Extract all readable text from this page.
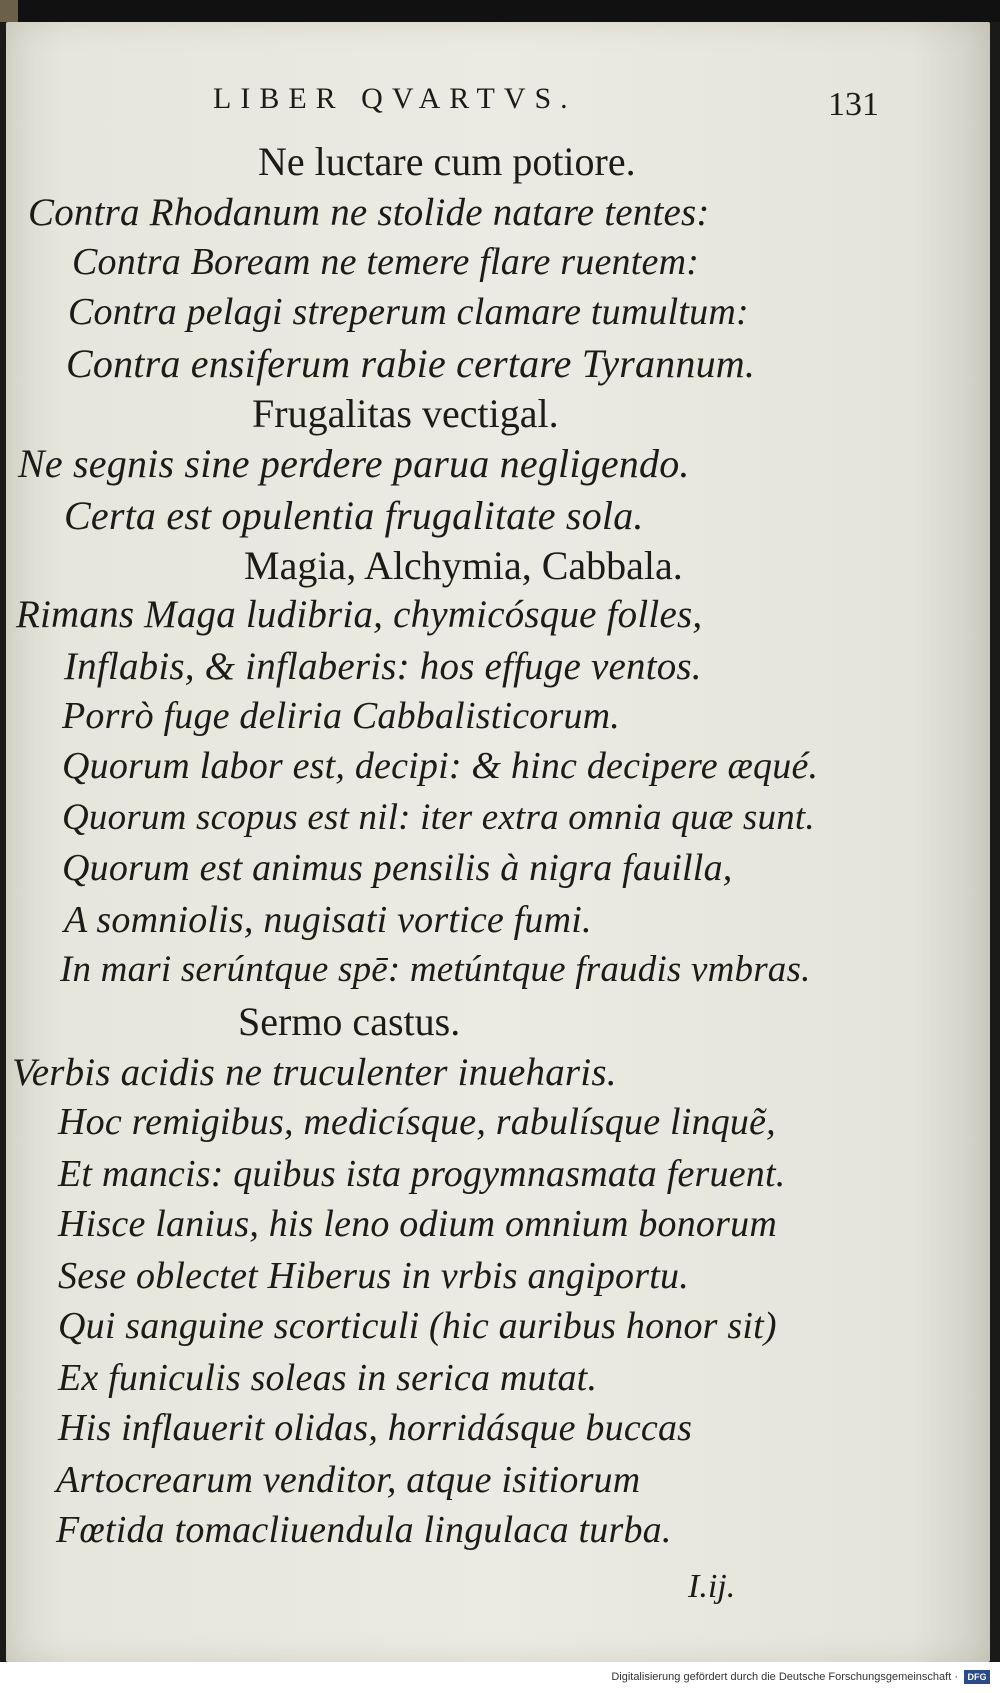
LIBER QVARTVS.	131

Ne luctare cum potiore.

Contra Rhodanum ne stolide natare tentes:

Contra Boream ne temere flare ruentem:

Contra pelagi streperum clamare tumultum:

Contra ensiferum rabie certare Tyrannum.

Frugalitas vectigal.

Ne segnis sine perdere parua negligendo.

Certa est opulentia frugalitate sola.

Magia, Alchymia, Cabbala.

Rimans Maga ludibria, chymicósque folles,

Inflabis, & inflaberis: hos effuge ventos.

Porrò fuge deliria Cabbalisticorum.

Quorum labor est, decipi: & hinc decipere æqué.

Quorum scopus est nil: iter extra omnia quæ sunt.

Quorum est animus pensilis à nigra fauilla,

A somniolis, nugisati vortice fumi.

In mari serúntque spē: metúntque fraudis vmbras.

Sermo castus.

Verbis acidis ne truculenter inueharis.

Hoc remigibus, medicísque, rabulísque linquẽ,

Et mancis: quibus ista progymnasmata feruent.

Hisce lanius, his leno odium omnium bonorum

Sese oblectet Hiberus in vrbis angiportu.

Qui sanguine scorticuli (hic auribus honor sit)

Ex funiculis soleas in serica mutat.

His inflauerit olidas, horridásque buccas

Artocrearum venditor, atque isitiorum

Fœtida tomacliuendula lingulaca turba.

I.ij.

Digitalisierung gefördert durch die Deutsche Forschungsgemeinschaft ·	DFG
